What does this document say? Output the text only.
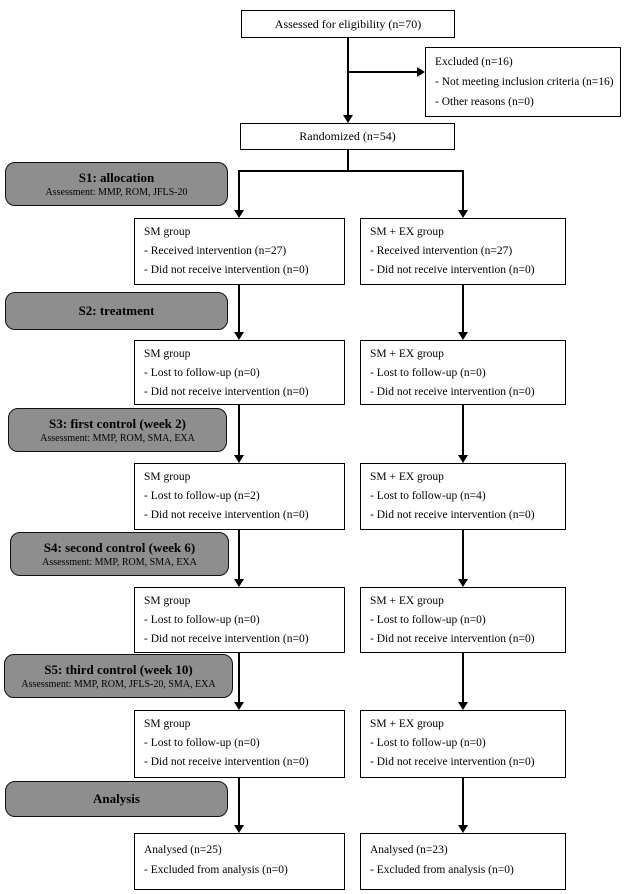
Assessed for eligibility (n=70)
Excluded (n=16)
- Not meeting inclusion criteria (n=16)
- Other reasons (n=0)
Randomized (n=54)
S1: allocation
Assessment: MMP, ROM, JFLS-20
S2: treatment
S3: first control (week 2)
Assessment: MMP, ROM, SMA, EXA
S4: second control (week 6)
Assessment: MMP, ROM, SMA, EXA
S5: third control (week 10)
Assessment: MMP, ROM, JFLS-20, SMA, EXA
Analysis
SM group
- Received intervention (n=27)
- Did not receive intervention (n=0)
SM + EX group
- Received intervention (n=27)
- Did not receive intervention (n=0)
SM group
- Lost to follow-up (n=0)
- Did not receive intervention (n=0)
SM + EX group
- Lost to follow-up (n=0)
- Did not receive intervention (n=0)
SM group
- Lost to follow-up (n=2)
- Did not receive intervention (n=0)
SM + EX group
- Lost to follow-up (n=4)
- Did not receive intervention (n=0)
SM group
- Lost to follow-up (n=0)
- Did not receive intervention (n=0)
SM + EX group
- Lost to follow-up (n=0)
- Did not receive intervention (n=0)
SM group
- Lost to follow-up (n=0)
- Did not receive intervention (n=0)
SM + EX group
- Lost to follow-up (n=0)
- Did not receive intervention (n=0)
Analysed (n=25)
- Excluded from analysis (n=0)
Analysed (n=23)
- Excluded from analysis (n=0)
